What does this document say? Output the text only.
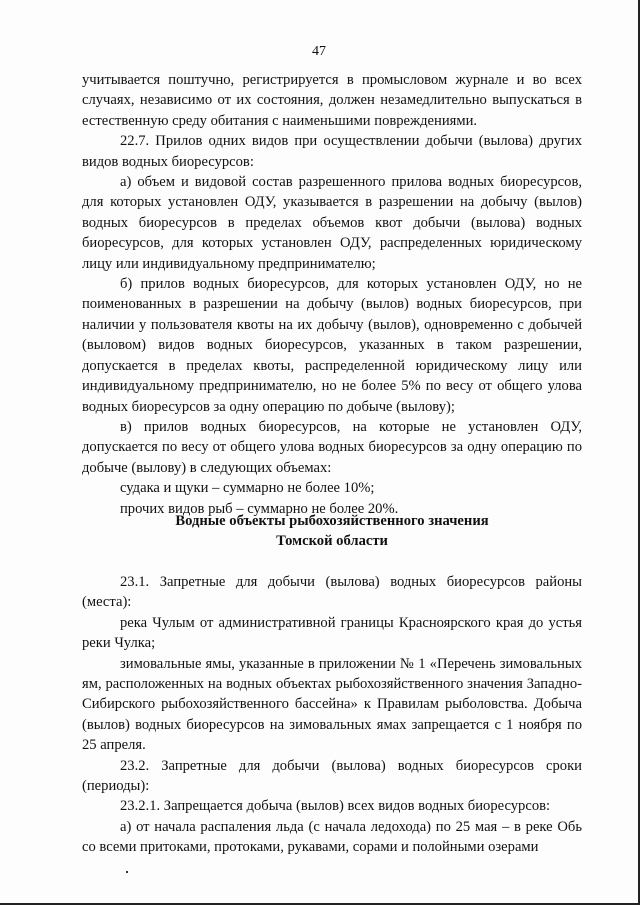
47

учитывается поштучно, регистрируется в промысловом журнале и во всех случаях, независимо от их состояния, должен незамедлительно выпускаться в естественную среду обитания с наименьшими повреждениями.

22.7. Прилов одних видов при осуществлении добычи (вылова) других видов водных биоресурсов:

а) объем и видовой состав разрешенного прилова водных биоресурсов, для которых установлен ОДУ, указывается в разрешении на добычу (вылов) водных биоресурсов в пределах объемов квот добычи (вылова) водных биоресурсов, для которых установлен ОДУ, распределенных юридическому лицу или индивидуальному предпринимателю;

б) прилов водных биоресурсов, для которых установлен ОДУ, но не поименованных в разрешении на добычу (вылов) водных биоресурсов, при наличии у пользователя квоты на их добычу (вылов), одновременно с добычей (выловом) видов водных биоресурсов, указанных в таком разрешении, допускается в пределах квоты, распределенной юридическому лицу или индивидуальному предпринимателю, но не более 5% по весу от общего улова водных биоресурсов за одну операцию по добыче (вылову);

в) прилов водных биоресурсов, на которые не установлен ОДУ, допускается по весу от общего улова водных биоресурсов за одну операцию по добыче (вылову) в следующих объемах:

судака и щуки – суммарно не более 10%;

прочих видов рыб – суммарно не более 20%.

Водные объекты рыбохозяйственного значения
Томской области

23.1. Запретные для добычи (вылова) водных биоресурсов районы (места):

река Чулым от административной границы Красноярского края до устья реки Чулка;

зимовальные ямы, указанные в приложении № 1 «Перечень зимовальных ям, расположенных на водных объектах рыбохозяйственного значения Западно-Сибирского рыбохозяйственного бассейна» к Правилам рыболовства. Добыча (вылов) водных биоресурсов на зимовальных ямах запрещается с 1 ноября по 25 апреля.

23.2. Запретные для добычи (вылова) водных биоресурсов сроки (периоды):

23.2.1. Запрещается добыча (вылов) всех видов водных биоресурсов:

а) от начала распаления льда (с начала ледохода) по 25 мая – в реке Обь со всеми притоками, протоками, рукавами, сорами и полойными озерами
